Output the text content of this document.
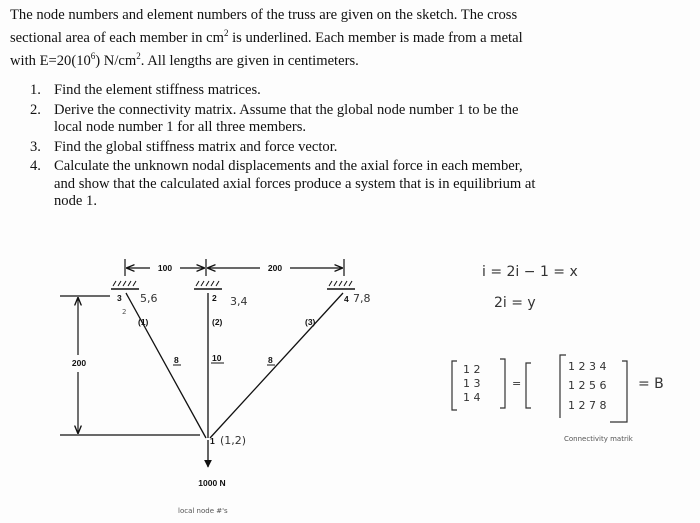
The node numbers and element numbers of the truss are given on the sketch. The cross
sectional area of each member in $cm^2$ is underlined. Each member is made from a metal
with $E=20(10^6)$ $N/cm^2$. All lengths are given in centimeters.
1. Find the element stiffness matrices.
2. Derive the connectivity matrix. Assume that the global node number 1 to be the
local node number 1 for all three members.
3. Find the global stiffness matrix and force vector.
4. Calculate the unknown nodal displacements and the axial force in each member,
and show that the calculated axial forces produce a system that is in equilibrium at
node 1.
100	200
200
1000 N
3	2	4
1
(1)	(2)	(3)
8	10	8
5,6
2
3,4	7,8
(1,2)
local node #'s
i = 2i − 1 = x
2i = y
1 2
1 3
1 4
=
1 2 3 4
1 2 5 6
1 2 7 8
= B
Connectivity matrik
